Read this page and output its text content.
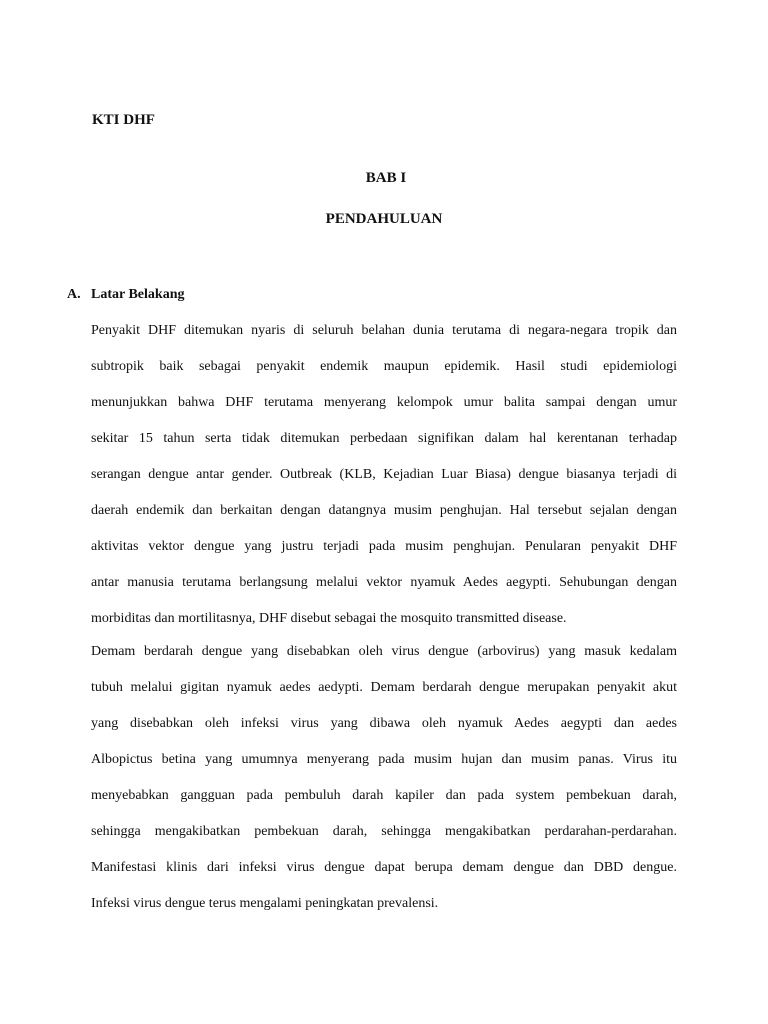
KTI DHF

BAB I

PENDAHULUAN

A. Latar Belakang

Penyakit DHF ditemukan nyaris di seluruh belahan dunia terutama di negara-negara tropik dan
subtropik baik sebagai penyakit endemik maupun epidemik. Hasil studi epidemiologi
menunjukkan bahwa DHF terutama menyerang kelompok umur balita sampai dengan umur
sekitar 15 tahun serta tidak ditemukan perbedaan signifikan dalam hal kerentanan terhadap
serangan dengue antar gender. Outbreak (KLB, Kejadian Luar Biasa) dengue biasanya terjadi di
daerah endemik dan berkaitan dengan datangnya musim penghujan. Hal tersebut sejalan dengan
aktivitas vektor dengue yang justru terjadi pada musim penghujan. Penularan penyakit DHF
antar manusia terutama berlangsung melalui vektor nyamuk Aedes aegypti. Sehubungan dengan
morbiditas dan mortilitasnya, DHF disebut sebagai the mosquito transmitted disease.
Demam berdarah dengue yang disebabkan oleh virus dengue (arbovirus) yang masuk kedalam
tubuh melalui gigitan nyamuk aedes aedypti. Demam berdarah dengue merupakan penyakit akut
yang disebabkan oleh infeksi virus yang dibawa oleh nyamuk Aedes aegypti dan aedes
Albopictus betina yang umumnya menyerang pada musim hujan dan musim panas. Virus itu
menyebabkan gangguan pada pembuluh darah kapiler dan pada system pembekuan darah,
sehingga mengakibatkan pembekuan darah, sehingga mengakibatkan perdarahan-perdarahan.
Manifestasi klinis dari infeksi virus dengue dapat berupa demam dengue dan DBD dengue.
Infeksi virus dengue terus mengalami peningkatan prevalensi.
